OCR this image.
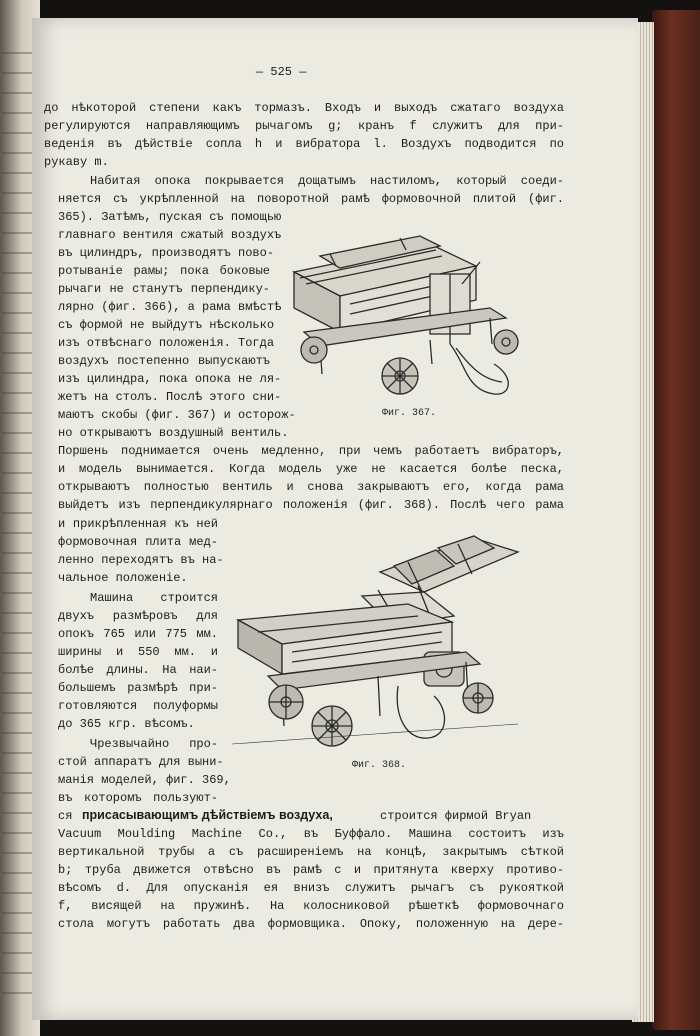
— 525 —
до нѣкоторой степени какъ тормазъ. Входъ и выходъ сжатаго воздуха
регулируются направляющимъ рычагомъ g; кранъ f служитъ для при-
веденія въ дѣйствіе сопла h и вибратора l. Воздухъ подводится по
рукаву m.
Набитая опока покрывается дощатымъ настиломъ, который соеди-
няется съ укрѣпленной на поворотной рамѣ формовочной плитой (фиг.
365). Затѣмъ, пуская съ помощью
главнаго вентиля сжатый воздухъ
въ цилиндръ, производятъ пово-
ротываніе рамы; пока боковые
рычаги не станутъ перпендику-
лярно (фиг. 366), а рама вмѣстѣ
съ формой не выйдутъ нѣсколько
изъ отвѣснаго положенія. Тогда
воздухъ постепенно выпускаютъ
изъ цилиндра, пока опока не ля-
жетъ на столъ. Послѣ этого сни-
маютъ скобы (фиг. 367) и осторож-
но открываютъ воздушный вентиль.
Поршень поднимается очень медленно, при чемъ работаетъ вибраторъ,
и модель вынимается. Когда модель уже не касается болѣе песка,
открываютъ полностью вентиль и снова закрываютъ его, когда рама
выйдетъ изъ перпендикулярнаго положенія (фиг. 368). Послѣ чего рама
и прикрѣпленная къ ней
формовочная плита мед-
ленно переходятъ въ на-
чальное положеніе.
Машина строится
двухъ размѣровъ для
опокъ 765 или 775 мм.
ширины и 550 мм. и
болѣе длины. На наи-
большемъ размѣрѣ при-
готовляются полуформы
до 365 кгр. вѣсомъ.
Чрезвычайно про-
стой аппаратъ для выни-
манія моделей, фиг. 369,
въ которомъ пользуют-
ся присасывающимъ дѣйствіемъ воздуха,	строится фирмой Bryan
Vacuum Moulding Machine Co., въ Буффало. Машина состоитъ изъ
вертикальной трубы a съ расширеніемъ на концѣ, закрытымъ сѣткой
b; труба движется отвѣсно въ рамѣ c и притянута кверху противо-
вѣсомъ d. Для опусканія ея внизъ служитъ рычагъ съ рукояткой
f, висящей на пружинѣ. На колосниковой рѣшеткѣ формовочнаго
стола могутъ работать два формовщика. Опоку, положенную на дере-
Фиг. 367.
Фиг. 368.
